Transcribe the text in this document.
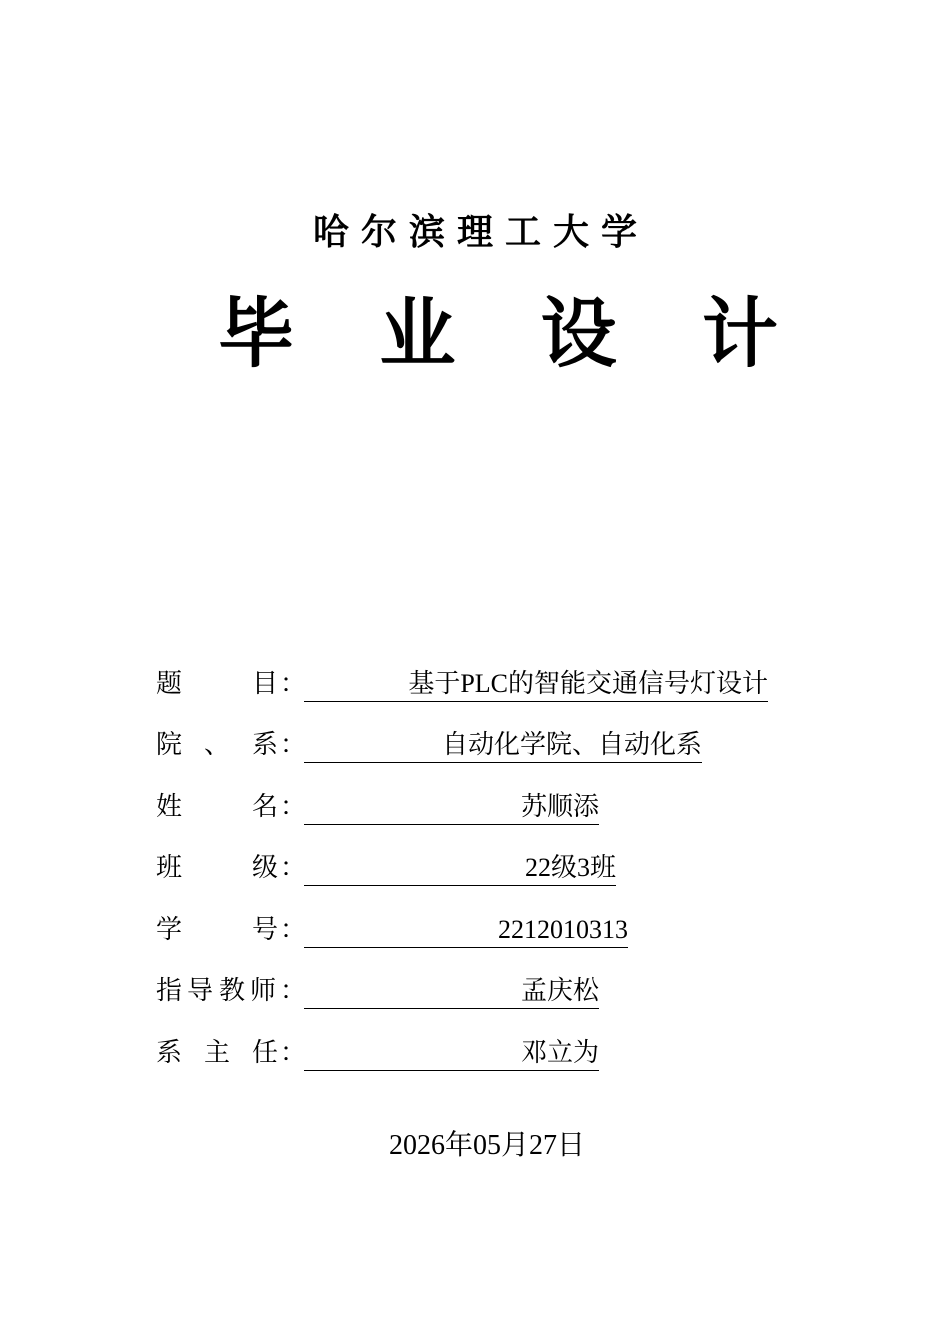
哈尔滨理工大学
毕 业 设 计
题	目 ：	基于PLC的智能交通信号灯设计
院 、 系 ：	自动化学院、自动化系
姓	名 ：	苏顺添
班	级 ：	22级3班
学	号 ：	2212010313
指 导 教 师 ：	孟庆松
系 主 任 ：	邓立为
2026年05月27日
